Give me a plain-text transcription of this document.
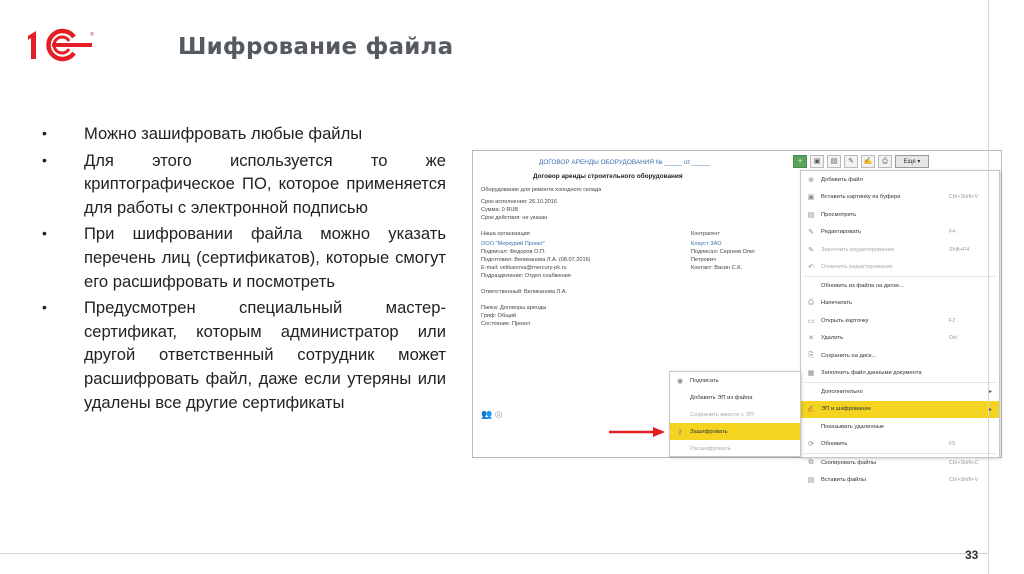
®	Шифрование файла
• Можно зашифровать любые файлы
• Для этого используется то же криптографическое ПО, которое применяется для работы с электронной подписью
• При шифровании файла можно указать перечень лиц (сертификатов), которые смогут его расшифровать и посмотреть
• Предусмотрен специальный мастер-сертификат, которым администратор или другой ответственный сотрудник может расшифровать файл, даже если утеряны или удалены все другие сертификаты
ДОГОВОР АРЕНДЫ ОБОРУДОВАНИЯ № _____ от _____	+	▣	▤	✎	✍	⎙	Еще ▾
Договор аренды строительного оборудования
Оборудование для ремонта холодного склада
Срок исполнения: 26.10.2016
Сумма: 0 RUB
Срок действия: не указан
Наша организация
ООО "Меркурий Проект"
Подписал: Федоров О.П.
Подготовил: Великанова Л.А. (08.07.2016)
E-mail: velikanova@mercury-pk.ru
Подразделение: Отдел снабжения
Ответственный: Великанова Л.А.
Папка: Договоры аренды
Гриф: Общий
Состояние: Проект
Контрагент
Клауст ЗАО
Подписал: Сергеев Олег
Петрович
Контакт: Васин С.К.
👥 ◎
⊕	Добавить файл
▣	Вставить картинку из буфера	Ctrl+Shift+V
▤	Просмотреть
✎	Редактировать	F4
✎	Закончить редактирование	Shift+F4
↶	Отменить редактирование
Обновить из файла на диске...
⎙	Напечатать
▭	Открыть карточку	F2
✕	Удалить	Del
⎘	Сохранить на диск...
▦	Заполнить файл данными документа
Дополнительно	▸
✍ ЭП и шифрование	▸
Показывать удаленные
⟳	Обновить	F5
⧉	Скопировать файлы	Ctrl+Shift+C
▤	Вставить файлы	Ctrl+Shift+V
◉	Подписать
Добавить ЭП из файла
Сохранить вместе с ЭП
⚷	Зашифровать
Расшифровать
33
